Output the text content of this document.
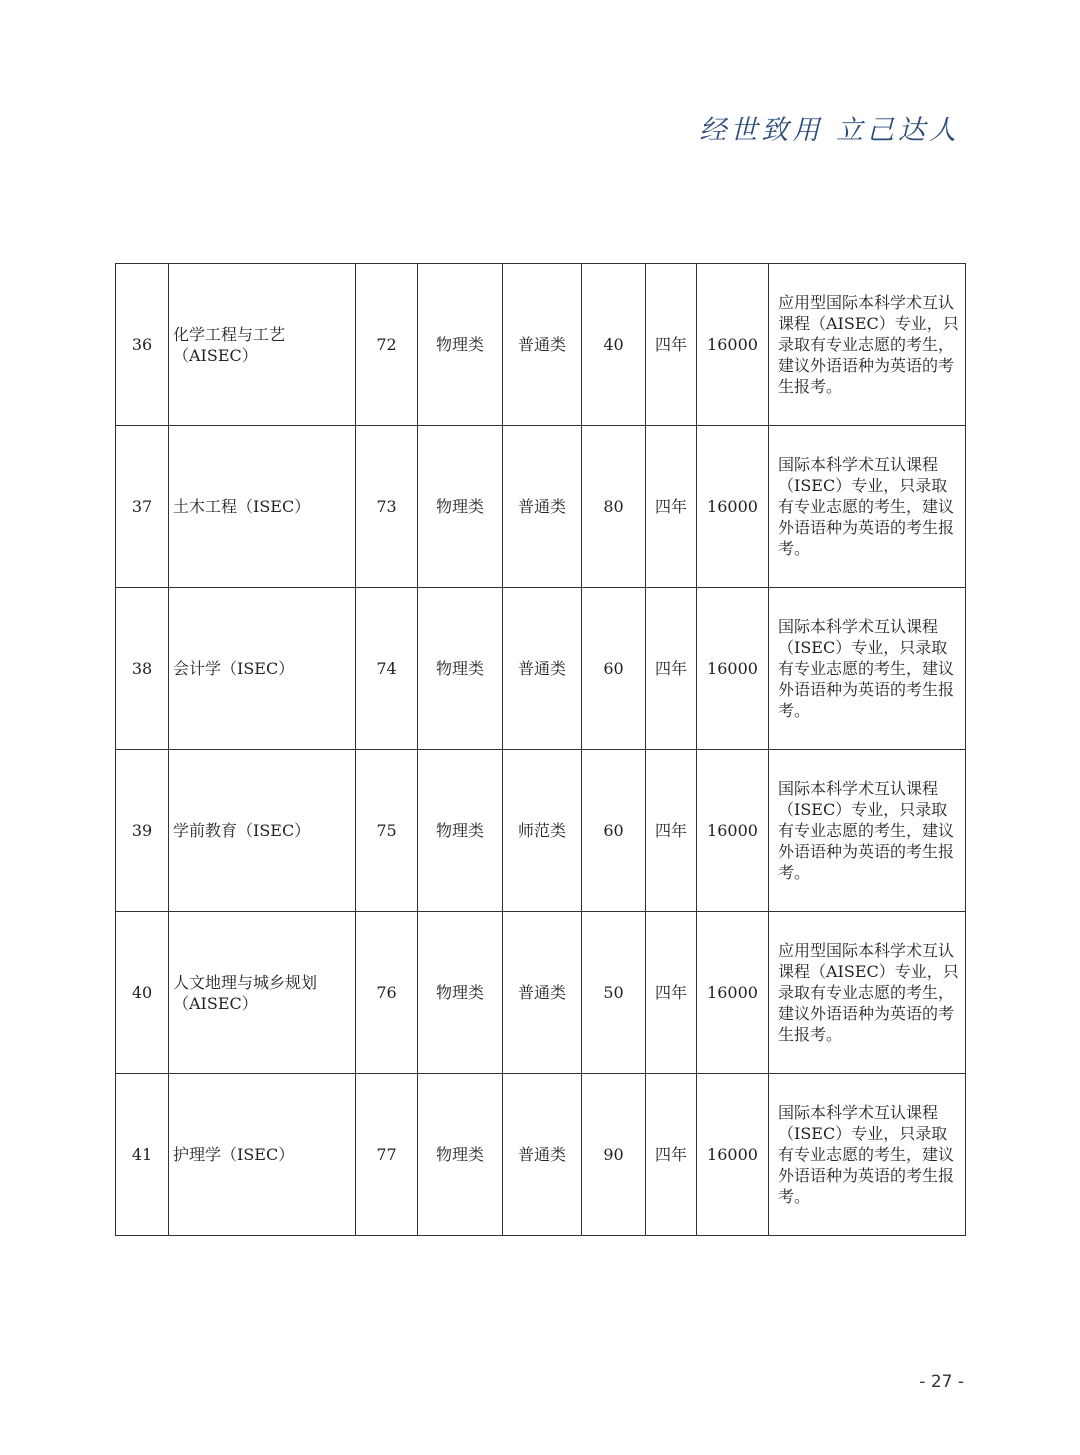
经世致用 立己达人
36	化学工程与工艺（AISEC）	72	物理类	普通类	40	四年	16000	应用型国际本科学术互认课程（AISEC）专业，只录取有专业志愿的考生，建议外语语种为英语的考生报考。
37	土木工程（ISEC）	73	物理类	普通类	80	四年	16000	国际本科学术互认课程（ISEC）专业，只录取有专业志愿的考生，建议外语语种为英语的考生报考。
38	会计学（ISEC）	74	物理类	普通类	60	四年	16000	国际本科学术互认课程（ISEC）专业，只录取有专业志愿的考生，建议外语语种为英语的考生报考。
39	学前教育（ISEC）	75	物理类	师范类	60	四年	16000	国际本科学术互认课程（ISEC）专业，只录取有专业志愿的考生，建议外语语种为英语的考生报考。
40	人文地理与城乡规划（AISEC）	76	物理类	普通类	50	四年	16000	应用型国际本科学术互认课程（AISEC）专业，只录取有专业志愿的考生，建议外语语种为英语的考生报考。
41	护理学（ISEC）	77	物理类	普通类	90	四年	16000	国际本科学术互认课程（ISEC）专业，只录取有专业志愿的考生，建议外语语种为英语的考生报考。
- 27 -
